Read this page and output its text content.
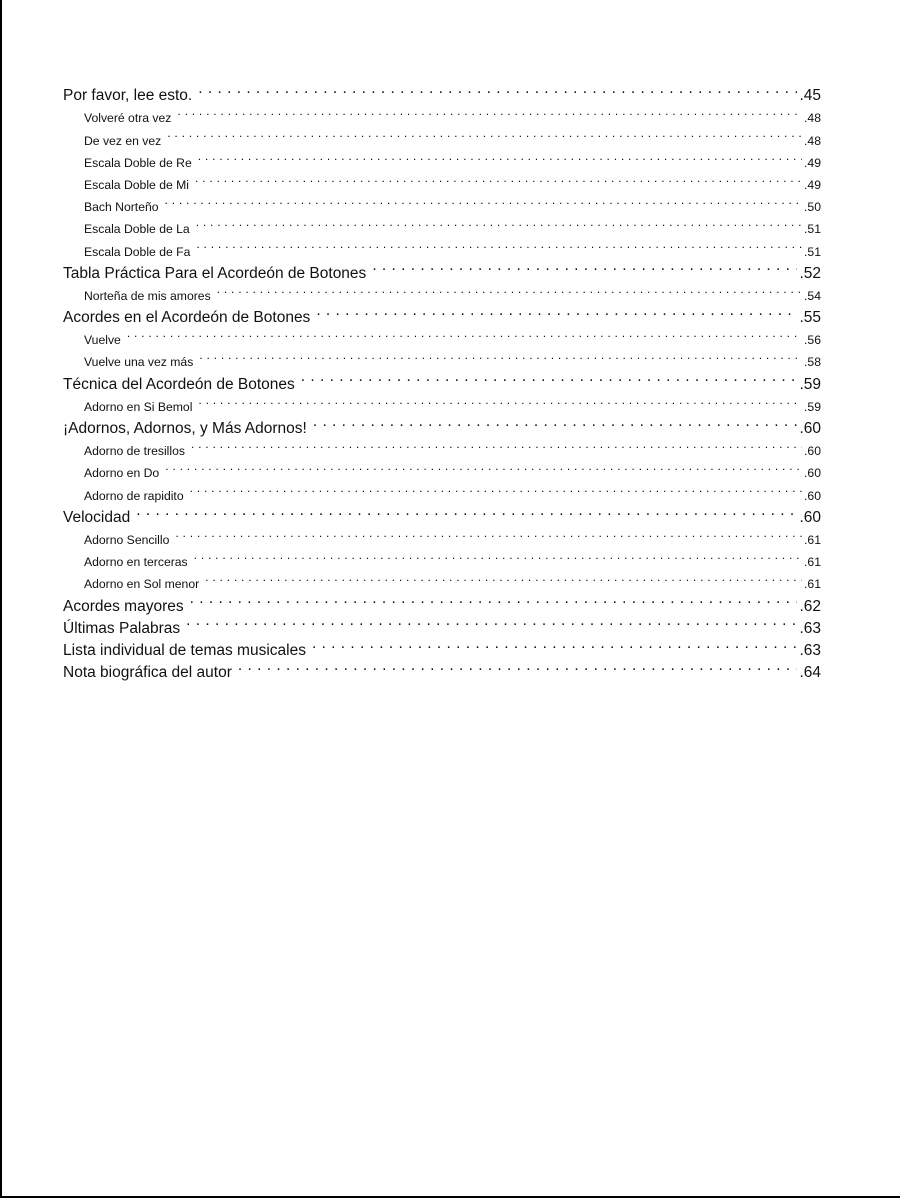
Por favor, lee esto. . . .	.45
Volveré otra vez . . .	.48
De vez en vez . . .	.48
Escala Doble de Re . . .	.49
Escala Doble de Mi . . .	.49
Bach Norteño . . .	.50
Escala Doble de La . . .	.51
Escala Doble de Fa . . .	.51
Tabla Práctica Para el Acordeón de Botones . . .	.52
Norteña de mis amores . . .	.54
Acordes en el Acordeón de Botones . . .	.55
Vuelve . . .	.56
Vuelve una vez más . . .	.58
Técnica del Acordeón de Botones . . .	.59
Adorno en Si Bemol . . .	.59
¡Adornos, Adornos, y Más Adornos! . . .	.60
Adorno de tresillos . . .	.60
Adorno en Do . . .	.60
Adorno de rapidito . . .	.60
Velocidad . . .	.60
Adorno Sencillo . . .	.61
Adorno en terceras . . .	.61
Adorno en Sol menor . . .	.61
Acordes mayores . . .	.62
Últimas Palabras . . .	.63
Lista individual de temas musicales . . .	.63
Nota biográfica del autor . . .	.64
